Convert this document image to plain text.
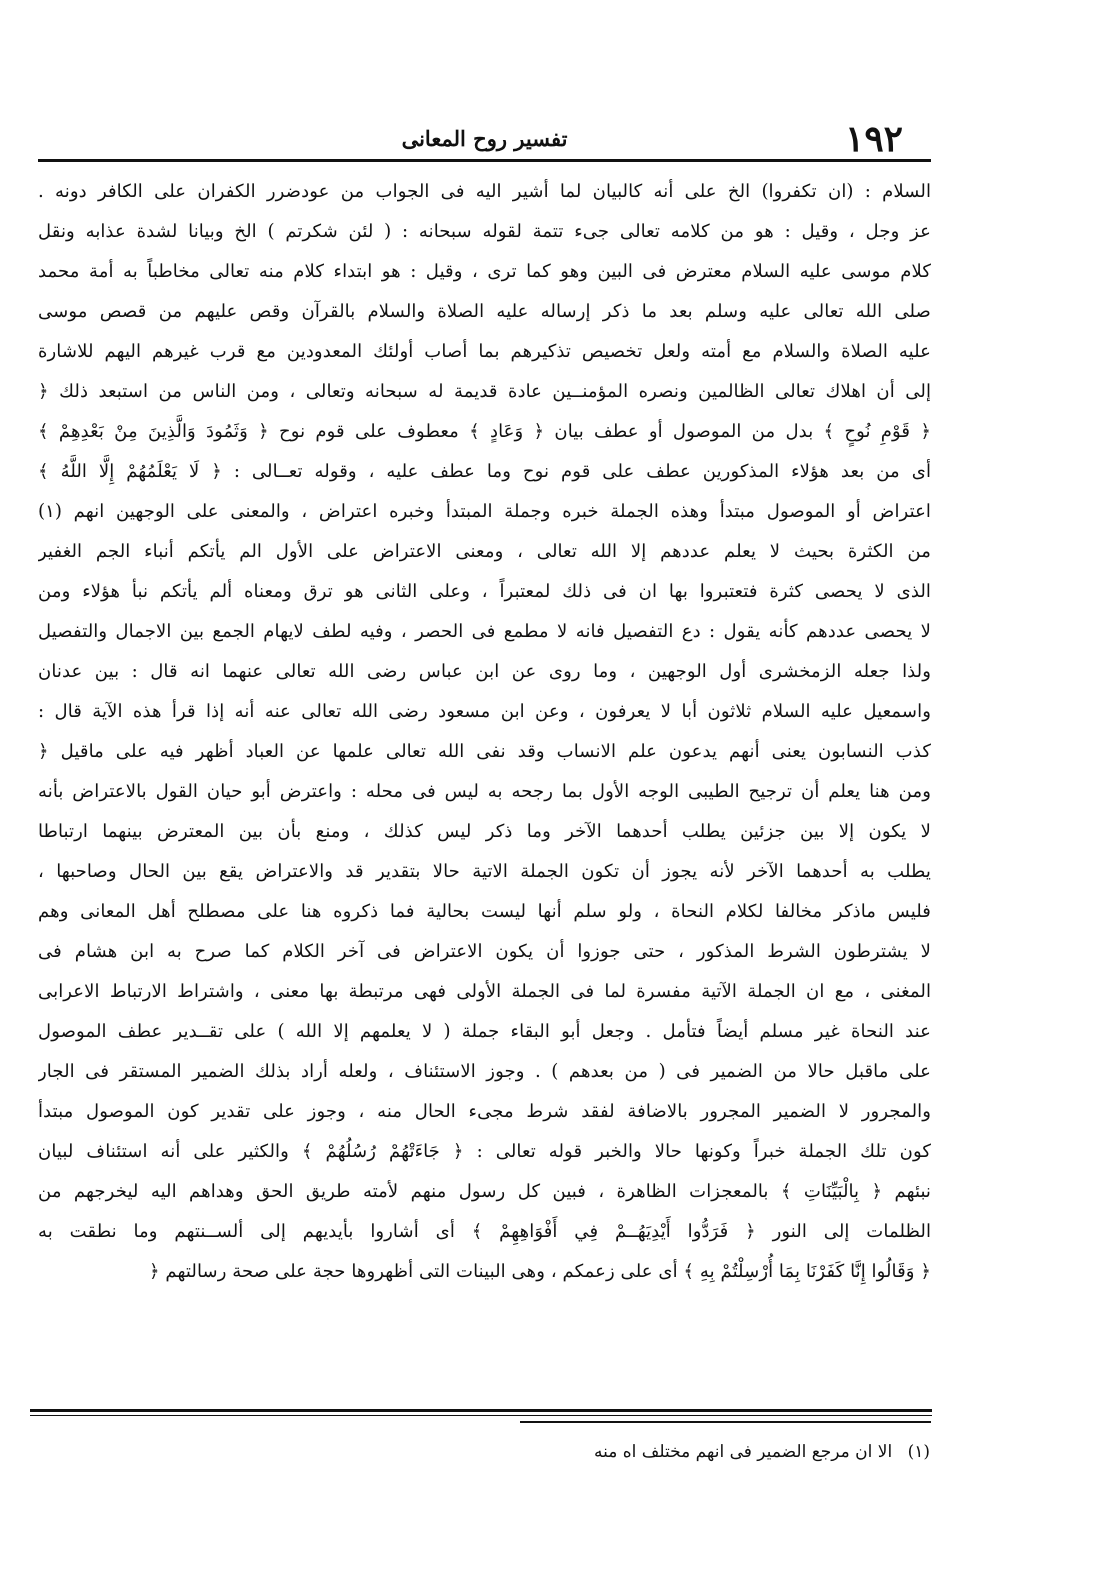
١٩٢
تفسير روح المعانى
السلام : (ان تكفروا) الخ على أنه كالبيان لما أشير اليه فى الجواب من عودضرر الكفران على الكافر دونه .
عز وجل ، وقيل : هو من كلامه تعالى جىء تتمة لقوله سبحانه : ( لئن شكرتم ) الخ وبيانا لشدة عذابه ونقل
كلام موسى عليه السلام معترض فى البين وهو كما ترى ، وقيل : هو ابتداء كلام منه تعالى مخاطباً به أمة محمد
صلى الله تعالى عليه وسلم بعد ما ذكر إرساله عليه الصلاة والسلام بالقرآن وقص عليهم من قصص موسى
عليه الصلاة والسلام مع أمته ولعل تخصيص تذكيرهم بما أصاب أولئك المعدودين مع قرب غيرهم اليهم للاشارة
إلى أن اهلاك تعالى الظالمين ونصره المؤمنــين عادة قديمة له سبحانه وتعالى ، ومن الناس من استبعد ذلك ﴿
﴿ قَوْمِ نُوحٍ ﴾ بدل من الموصول أو عطف بيان ﴿ وَعَادٍ ﴾ معطوف على قوم نوح ﴿ وَثَمُودَ وَالَّذِينَ مِنْ بَعْدِهِمْ ﴾
أى من بعد هؤلاء المذكورين عطف على قوم نوح وما عطف عليه ، وقوله تعــالى : ﴿ لَا يَعْلَمُهُمْ إِلَّا اللَّهُ ﴾
اعتراض أو الموصول مبتدأ وهذه الجملة خبره وجملة المبتدأ وخبره اعتراض ، والمعنى على الوجهين انهم (١)
من الكثرة بحيث لا يعلم عددهم إلا الله تعالى ، ومعنى الاعتراض على الأول الم يأتكم أنباء الجم الغفير
الذى لا يحصى كثرة فتعتبروا بها ان فى ذلك لمعتبراً ، وعلى الثانى هو ترق ومعناه ألم يأتكم نبأ هؤلاء ومن
لا يحصى عددهم كأنه يقول : دع التفصيل فانه لا مطمع فى الحصر ، وفيه لطف لايهام الجمع بين الاجمال والتفصيل
ولذا جعله الزمخشرى أول الوجهين ، وما روى عن ابن عباس رضى الله تعالى عنهما انه قال : بين عدنان
واسمعيل عليه السلام ثلاثون أبا لا يعرفون ، وعن ابن مسعود رضى الله تعالى عنه أنه إذا قرأ هذه الآية قال :
كذب النسابون يعنى أنهم يدعون علم الانساب وقد نفى الله تعالى علمها عن العباد أظهر فيه على ماقيل ﴿
ومن هنا يعلم أن ترجيح الطيبى الوجه الأول بما رجحه به ليس فى محله : واعترض أبو حيان القول بالاعتراض بأنه
لا يكون إلا بين جزئين يطلب أحدهما الآخر وما ذكر ليس كذلك ، ومنع بأن بين المعترض بينهما ارتباطا
يطلب به أحدهما الآخر لأنه يجوز أن تكون الجملة الاتية حالا بتقدير قد والاعتراض يقع بين الحال وصاحبها ،
فليس ماذكر مخالفا لكلام النحاة ، ولو سلم أنها ليست بحالية فما ذكروه هنا على مصطلح أهل المعانى وهم
لا يشترطون الشرط المذكور ، حتى جوزوا أن يكون الاعتراض فى آخر الكلام كما صرح به ابن هشام فى
المغنى ، مع ان الجملة الآتية مفسرة لما فى الجملة الأولى فهى مرتبطة بها معنى ، واشتراط الارتباط الاعرابى
عند النحاة غير مسلم أيضاً فتأمل . وجعل أبو البقاء جملة ( لا يعلمهم إلا الله ) على تقــدير عطف الموصول
على ماقبل حالا من الضمير فى ( من بعدهم ) . وجوز الاستئناف ، ولعله أراد بذلك الضمير المستقر فى الجار
والمجرور لا الضمير المجرور بالاضافة لفقد شرط مجىء الحال منه ، وجوز على تقدير كون الموصول مبتدأ
كون تلك الجملة خبراً وكونها حالا والخبر قوله تعالى : ﴿ جَاءَتْهُمْ رُسُلُهُمْ ﴾ والكثير على أنه استئناف لبيان
نبئهم ﴿ بِالْبَيِّنَاتِ ﴾ بالمعجزات الظاهرة ، فبين كل رسول منهم لأمته طريق الحق وهداهم اليه ليخرجهم من
الظلمات إلى النور ﴿ فَرَدُّوا أَيْدِيَهُــمْ فِي أَفْوَاهِهِمْ ﴾ أى أشاروا بأيديهم إلى ألســنتهم وما نطقت به
﴿ وَقَالُوا إِنَّا كَفَرْنَا بِمَا أُرْسِلْتُمْ بِهِ ﴾ أى على زعمكم ، وهى البينات التى أظهروها حجة على صحة رسالتهم ﴿
(١) الا ان مرجع الضمير فى انهم مختلف اه منه
